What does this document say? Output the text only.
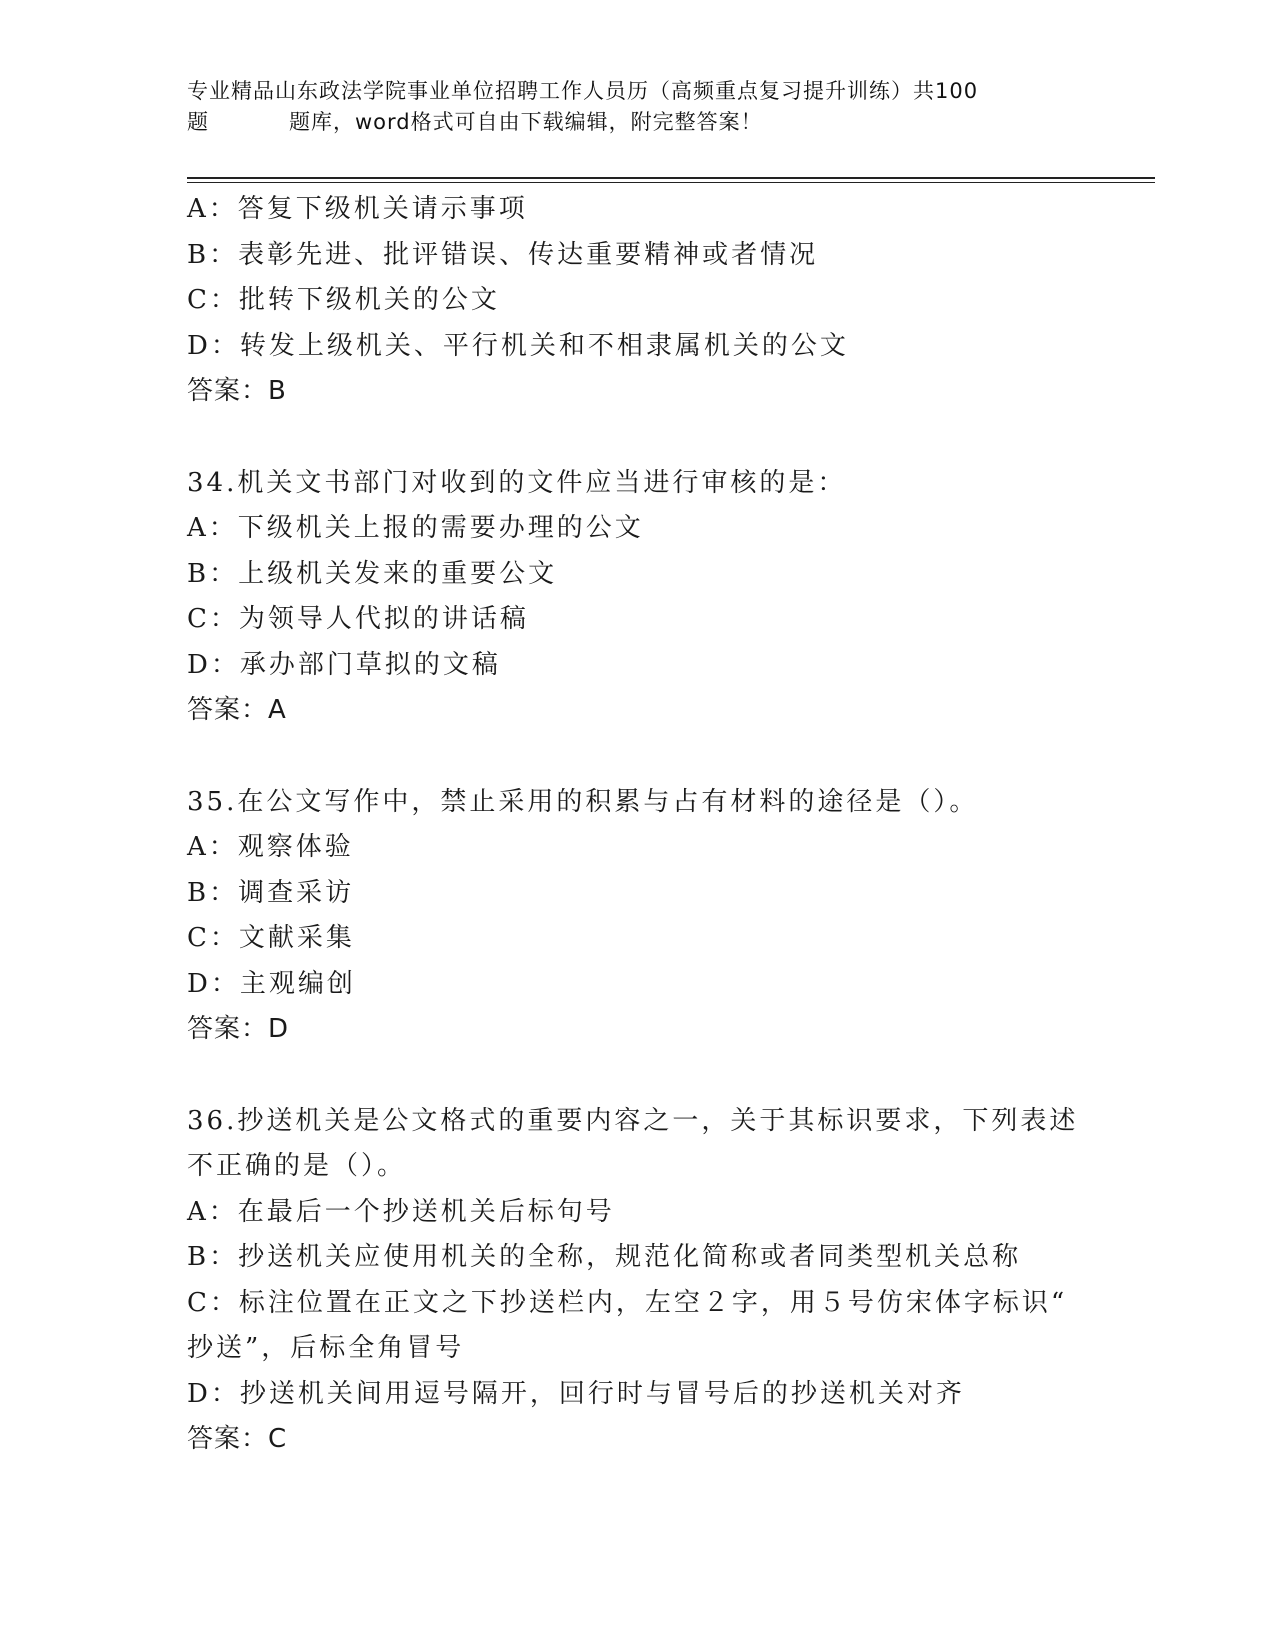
专业精品山东政法学院事业单位招聘工作人员历（高频重点复习提升训练）共100
题	题库，word格式可自由下载编辑，附完整答案！
A：答复下级机关请示事项
B：表彰先进、批评错误、传达重要精神或者情况
C：批转下级机关的公文
D：转发上级机关、平行机关和不相隶属机关的公文
答案：B
34.机关文书部门对收到的文件应当进行审核的是：
A：下级机关上报的需要办理的公文
B：上级机关发来的重要公文
C：为领导人代拟的讲话稿
D：承办部门草拟的文稿
答案：A
35.在公文写作中，禁止采用的积累与占有材料的途径是（）。
A：观察体验
B：调查采访
C：文献采集
D：主观编创
答案：D
36.抄送机关是公文格式的重要内容之一，关于其标识要求，下列表述
不正确的是（）。
A：在最后一个抄送机关后标句号
B：抄送机关应使用机关的全称，规范化简称或者同类型机关总称
C：标注位置在正文之下抄送栏内，左空２字，用５号仿宋体字标识“
抄送”，后标全角冒号
D：抄送机关间用逗号隔开，回行时与冒号后的抄送机关对齐
答案：C
